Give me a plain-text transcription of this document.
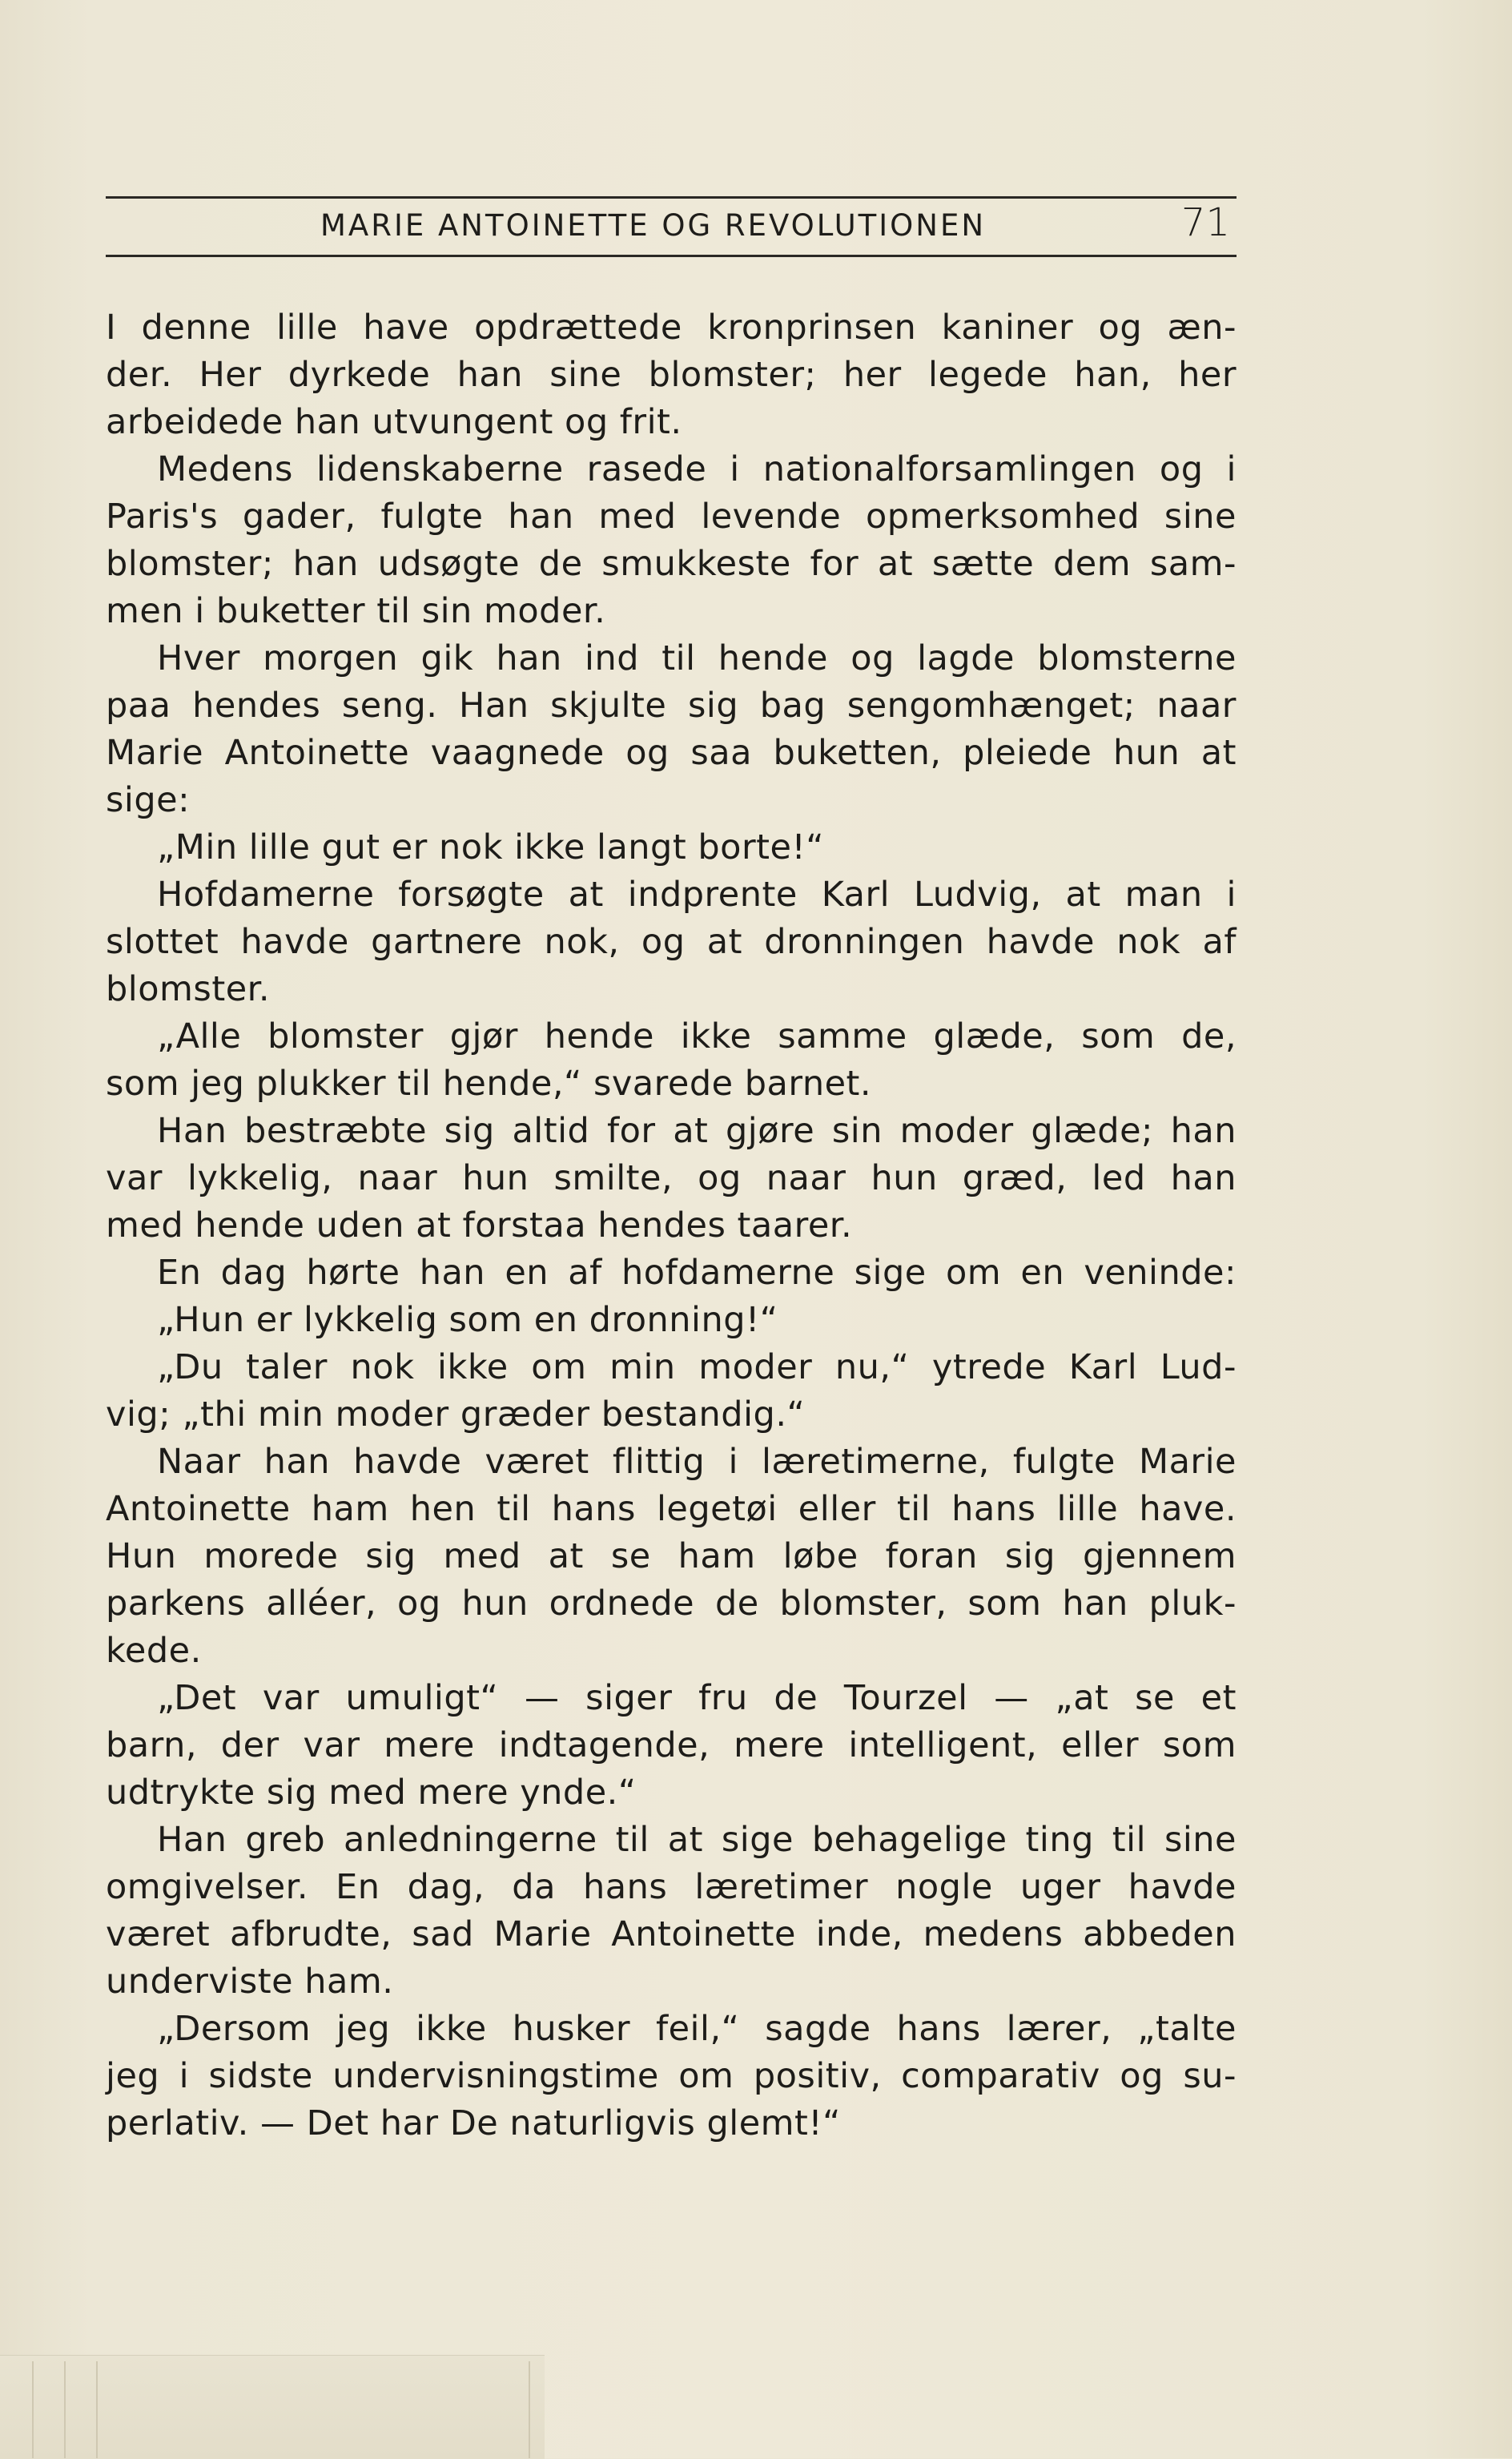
MARIE ANTOINETTE OG REVOLUTIONEN	71
I denne lille have opdrættede kronprinsen kaniner og æn-
der. Her dyrkede han sine blomster; her legede han, her
arbeidede han utvungent og frit.
Medens lidenskaberne rasede i nationalforsamlingen og i
Paris's gader, fulgte han med levende opmerksomhed sine
blomster; han udsøgte de smukkeste for at sætte dem sam-
men i buketter til sin moder.
Hver morgen gik han ind til hende og lagde blomsterne
paa hendes seng. Han skjulte sig bag sengomhænget; naar
Marie Antoinette vaagnede og saa buketten, pleiede hun at
sige:
„Min lille gut er nok ikke langt borte!“
Hofdamerne forsøgte at indprente Karl Ludvig, at man i
slottet havde gartnere nok, og at dronningen havde nok af
blomster.
„Alle blomster gjør hende ikke samme glæde, som de,
som jeg plukker til hende,“ svarede barnet.
Han bestræbte sig altid for at gjøre sin moder glæde; han
var lykkelig, naar hun smilte, og naar hun græd, led han
med hende uden at forstaa hendes taarer.
En dag hørte han en af hofdamerne sige om en veninde:
„Hun er lykkelig som en dronning!“
„Du taler nok ikke om min moder nu,“ ytrede Karl Lud-
vig; „thi min moder græder bestandig.“
Naar han havde været flittig i læretimerne, fulgte Marie
Antoinette ham hen til hans legetøi eller til hans lille have.
Hun morede sig med at se ham løbe foran sig gjennem
parkens alléer, og hun ordnede de blomster, som han pluk-
kede.
„Det var umuligt“ — siger fru de Tourzel — „at se et
barn, der var mere indtagende, mere intelligent, eller som
udtrykte sig med mere ynde.“
Han greb anledningerne til at sige behagelige ting til sine
omgivelser. En dag, da hans læretimer nogle uger havde
været afbrudte, sad Marie Antoinette inde, medens abbeden
underviste ham.
„Dersom jeg ikke husker feil,“ sagde hans lærer, „talte
jeg i sidste undervisningstime om positiv, comparativ og su-
perlativ. — Det har De naturligvis glemt!“
